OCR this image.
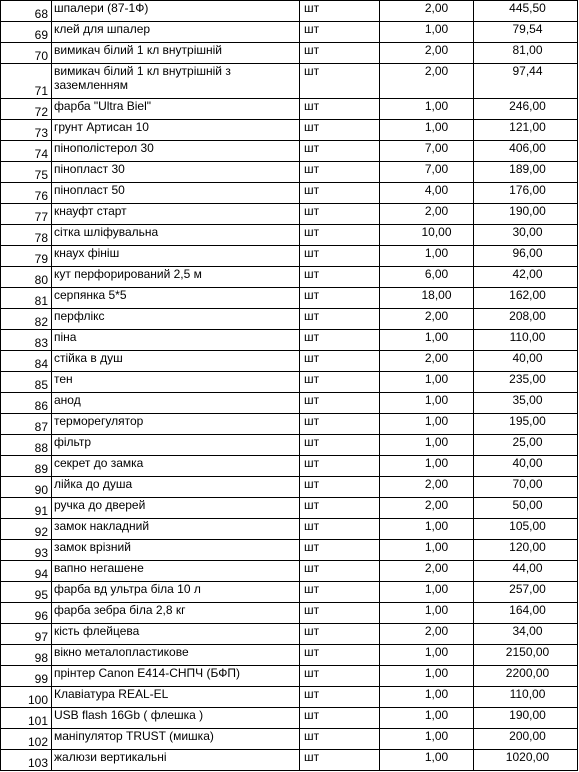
68	шпалери (87-1Ф)	шт	2,00	445,50
69	клей для шпалер	шт	1,00	79,54
70	вимикач білий 1 кл внутрішній	шт	2,00	81,00
71	вимикач білий 1 кл внутрішній з заземленням	шт	2,00	97,44
72	фарба "Ultra Biel"	шт	1,00	246,00
73	грунт Артисан 10	шт	1,00	121,00
74	пінополістерол 30	шт	7,00	406,00
75	пінопласт 30	шт	7,00	189,00
76	пінопласт 50	шт	4,00	176,00
77	кнауфт старт	шт	2,00	190,00
78	сітка шліфувальна	шт	10,00	30,00
79	кнаух фініш	шт	1,00	96,00
80	кут перфорирований 2,5 м	шт	6,00	42,00
81	серпянка 5*5	шт	18,00	162,00
82	перфлікс	шт	2,00	208,00
83	піна	шт	1,00	110,00
84	стійка в душ	шт	2,00	40,00
85	тен	шт	1,00	235,00
86	анод	шт	1,00	35,00
87	терморегулятор	шт	1,00	195,00
88	фільтр	шт	1,00	25,00
89	секрет до замка	шт	1,00	40,00
90	лійка до душа	шт	2,00	70,00
91	ручка до дверей	шт	2,00	50,00
92	замок накладний	шт	1,00	105,00
93	замок врізний	шт	1,00	120,00
94	вапно негашене	шт	2,00	44,00
95	фарба вд ультра біла 10 л	шт	1,00	257,00
96	фарба зебра біла 2,8 кг	шт	1,00	164,00
97	кість флейцева	шт	2,00	34,00
98	вікно металопластикове	шт	1,00	2150,00
99	прінтер Canon E414-СНПЧ (БФП)	шт	1,00	2200,00
100	Клавіатура REAL-EL	шт	1,00	110,00
101	USB flash 16Gb ( флешка )	шт	1,00	190,00
102	маніпулятор TRUST (мишка)	шт	1,00	200,00
103	жалюзи вертикальні	шт	1,00	1020,00
